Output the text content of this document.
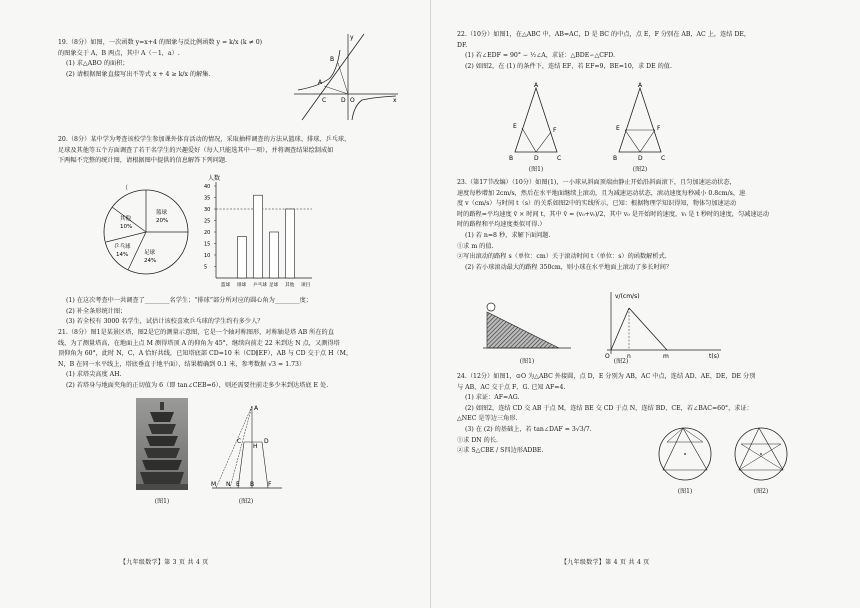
19.（8分）如图，一次函数 y=x+4 的图象与反比例函数 y = k/x (k ≠ 0)

的图象交于 A，B 两点，其中 A（－1，a）.

(1) 求△ABO 的面积；

(2) 请根据图象直接写出不等式 x + 4 ≥ k/x 的解集.

y
x
B
A
C D O

20.（8分）某中学为考查该校学生参加课外体育活动的情况，采取抽样调查的方法从篮球、排球、乒乓球、

足球及其他等五个方面调查了若干名学生的兴趣爱好（每人只能选其中一项），并将调查结果绘制成如

下两幅不完整的统计图，请根据图中提供的信息解答下列问题.

（
篮球
20%
其他
10%
乒乓球
14%	足球
24%
人数
40
35
30
25
20
15
10
5
篮球 排球 乒乓球 足球 其他 项目

(1) 在这次考查中一共调查了________名学生；“排球”部分所对应的圆心角为________度；

(2) 补全条形统计图；

(3) 若全校有 3000 名学生，试估计该校喜欢乒乓球的学生约有多少人？

21.（8分）图1是某景区塔，图2是它的测量示意图，它是一个轴对称图形，对称轴是塔 AB 所在的直

线，为了测量塔高，在地面上点 M 测得塔顶 A 的仰角为 45°，继续向前走 22 米到达 N 点，又测得塔

顶仰角为 60°，此时 N，C，A 恰好共线，已知塔底部 CD=10 米（CD∥EF），AB 与 CD 交于点 H（M，

N，B 在同一水平线上，塔底垂直于地平面），结果精确到 0.1 米，参考数据 √3 ≈ 1.73）

(1) 求塔尖高度 AH.

(2) 若塔身与地面夹角的正切值为 6（即 tan∠CEB=6），则还需要往前走多少米到达塔底 E 处.

(图1)
A
C
H
D
M N E B F
(图2)
【九年级数学】第 3 页 共 4 页

22.（10分）如图1，在△ABC 中，AB=AC，D 是 BC 的中点，点 E，F 分别在 AB，AC 上，连结 DE，

DF.

(1) 若∠EDF = 90° − ½∠A，求证：△BDE∽△CFD.

(2) 如图2，在 (1) 的条件下，连结 EF，若 EF=9，BE=10，求 DE 的值.

A
E
F
B	D	C
(图1)
A
E	F
B	D	C
(图2)

23.（第17节改编）（10分）如图(1)，一小球从斜面顶端由静止开始沿斜面滚下，且匀加速运动状态，

速度每秒增加 2cm/s，然后在水平地面继续上滚动，且为减速运动状态，滚动速度每秒减小 0.8cm/s，速

度 v（cm/s）与时间 t（s）的关系如图2中的实线所示，已知：根据物理学知识得知，物体匀加速运动

时的路程=平均速度 v̄ × 时间 t，其中 v̄ = (v₀+vₜ)/2，其中 v₀ 是开始时的速度，vₜ 是 t 秒时的速度，匀减速运动

时的路程和平均速度类似可得.）

(1) 若 n=8 秒，求解下面问题.

①求 m 的值.

②写出滚动的路程 s（单位：cm）关于滚动时间 t（单位：s）的函数解析式.

(2) 若小球滚动最大的路程 350cm，则小球在水平地面上滚动了多长时间？

(图1)
v/(cm/s)
t(s)
O	n	m
(图2)

24.（12分）如图1，⊙O 为△ABC 外接圆，点 D，E 分别为 AB，AC 中点，连结 AD、AE、DE，DE 分别

与 AB、AC 交于点 F、G. 已知 AF=4.

(1) 求证：AF=AG.

(2) 如图2，连结 CD 交 AB 于点 M，连结 BE 交 CD 于点 N，连结 BD、CE，若∠BAC=60°，求证：

△NEC 是等边三角形.

(3) 在 (2) 的基础上，若 tan∠DAF = 3√3/7.

①求 DN 的长.

②求 S△CBE / S四边形ADBE.

(图1)	(图2)
【九年级数学】第 4 页 共 4 页
